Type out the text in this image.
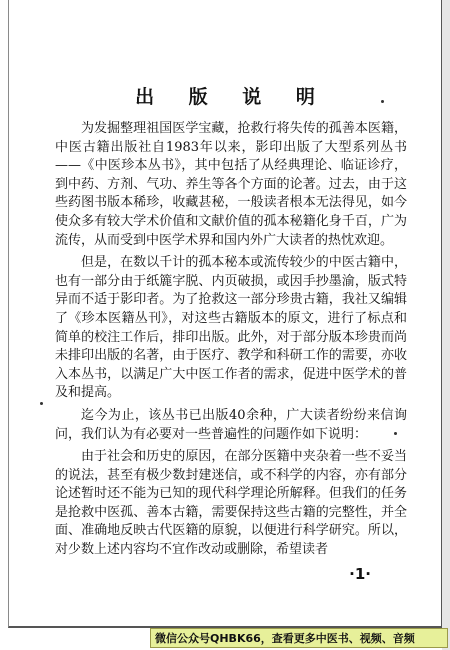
出 版 说 明

为发掘整理祖国医学宝藏，抢救行将失传的孤善本医籍，中医古籍出版社自1983年以来，影印出版了大型系列丛书——《中医珍本丛书》，其中包括了从经典理论、临证诊疗，到中药、方剂、气功、养生等各个方面的论著。过去，由于这些药图书版本稀珍，收藏甚秘，一般读者根本无法得见，如今使众多有较大学术价值和文献价值的孤本秘籍化身千百，广为流传，从而受到中医学术界和国内外广大读者的热忱欢迎。

但是，在数以千计的孤本秘本或流传较少的中医古籍中，也有一部分由于纸簏字脱、内页破损，或因手抄墨渝，版式特异而不适于影印者。为了抢救这一部分珍贵古籍，我社又编辑了《珍本医籍丛刊》，对这些古籍版本的原文，进行了标点和简单的校注工作后，排印出版。此外，对于部分版本珍贵而尚未排印出版的名著，由于医疗、教学和科研工作的需要，亦收入本丛书，以满足广大中医工作者的需求，促进中医学术的普及和提高。

迄今为止，该丛书已出版40余种，广大读者纷纷来信询问，我们认为有必要对一些普遍性的问题作如下说明：

由于社会和历史的原因，在部分医籍中夹杂着一些不妥当的说法，甚至有极少数封建迷信，或不科学的内容，亦有部分论述暂时还不能为已知的现代科学理论所解释。但我们的任务是抢救中医孤、善本古籍，需要保持这些古籍的完整性，并全面、准确地反映古代医籍的原貌，以便进行科学研究。所以，对少数上述内容均不宜作改动或删除，希望读者

·1·
微信公众号QHBK66，查看更多中医书、视频、音频
